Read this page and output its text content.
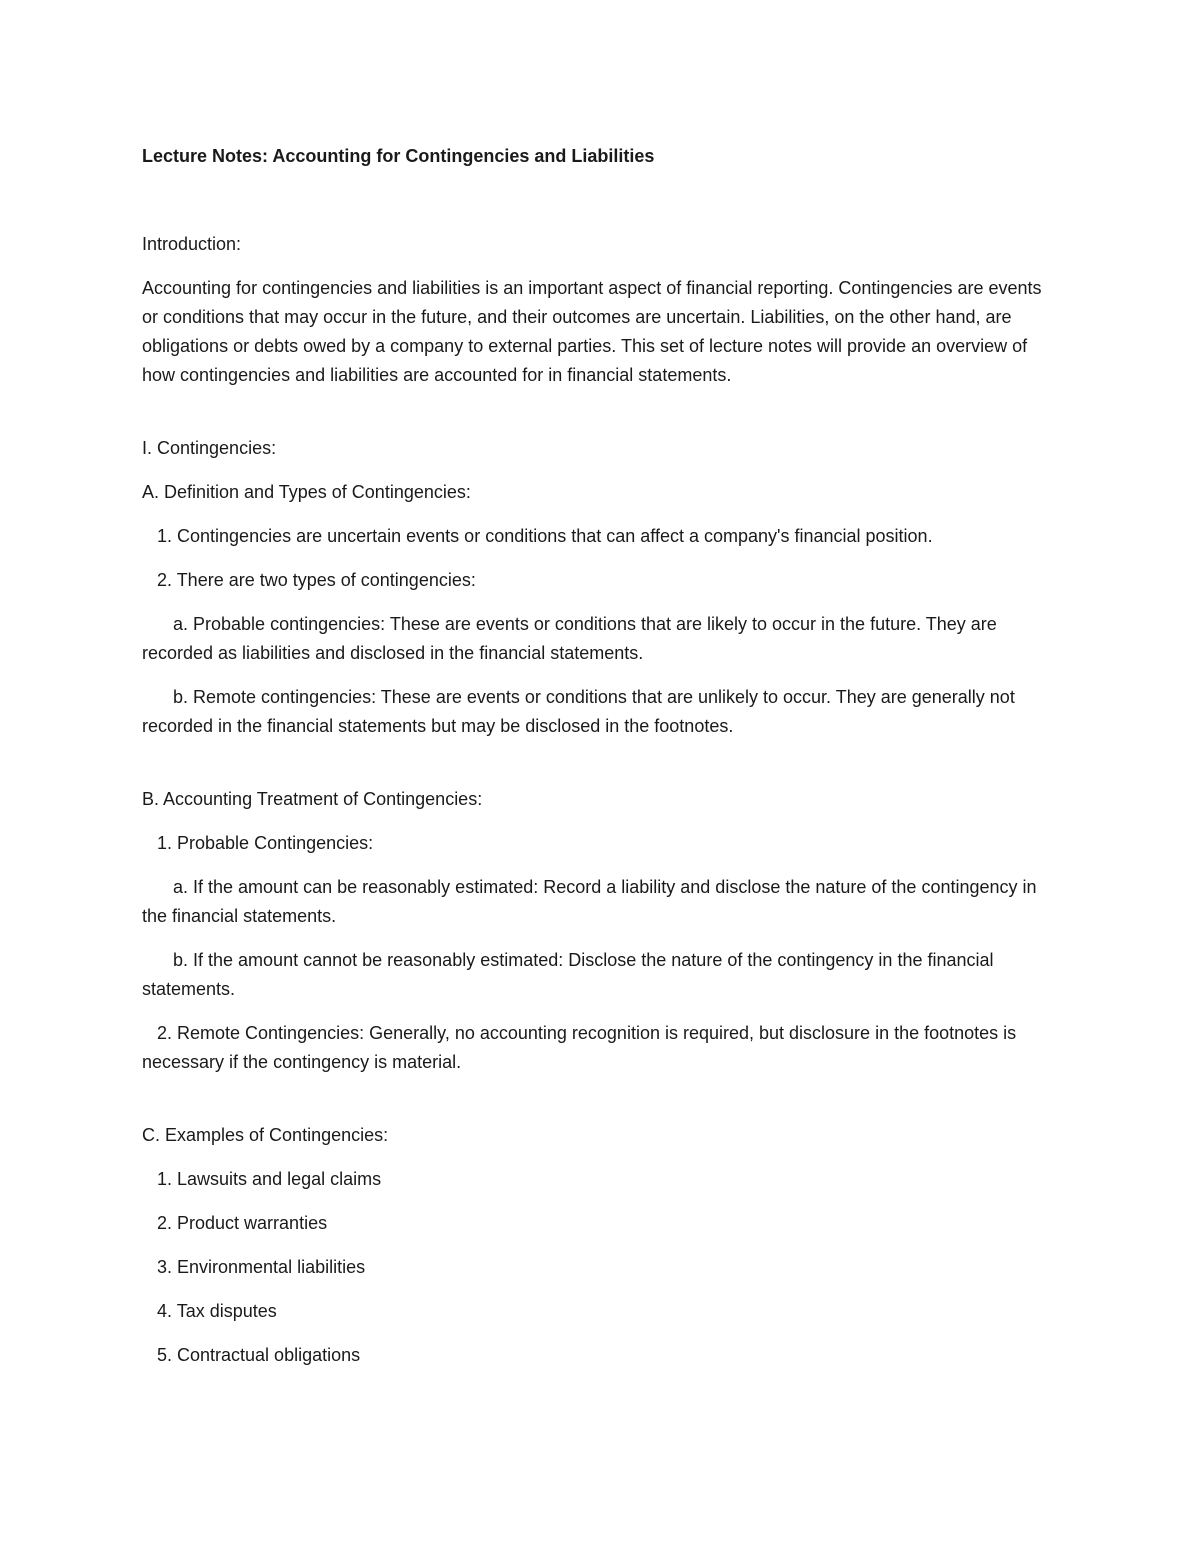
Lecture Notes: Accounting for Contingencies and Liabilities

Introduction:

Accounting for contingencies and liabilities is an important aspect of financial reporting. Contingencies are events or conditions that may occur in the future, and their outcomes are uncertain. Liabilities, on the other hand, are obligations or debts owed by a company to external parties. This set of lecture notes will provide an overview of how contingencies and liabilities are accounted for in financial statements.

I. Contingencies:

A. Definition and Types of Contingencies:

1. Contingencies are uncertain events or conditions that can affect a company's financial position.

2. There are two types of contingencies:

a. Probable contingencies: These are events or conditions that are likely to occur in the future. They are recorded as liabilities and disclosed in the financial statements.

b. Remote contingencies: These are events or conditions that are unlikely to occur. They are generally not recorded in the financial statements but may be disclosed in the footnotes.

B. Accounting Treatment of Contingencies:

1. Probable Contingencies:

a. If the amount can be reasonably estimated: Record a liability and disclose the nature of the contingency in the financial statements.

b. If the amount cannot be reasonably estimated: Disclose the nature of the contingency in the financial statements.

2. Remote Contingencies: Generally, no accounting recognition is required, but disclosure in the footnotes is necessary if the contingency is material.

C. Examples of Contingencies:

1. Lawsuits and legal claims

2. Product warranties

3. Environmental liabilities

4. Tax disputes

5. Contractual obligations
